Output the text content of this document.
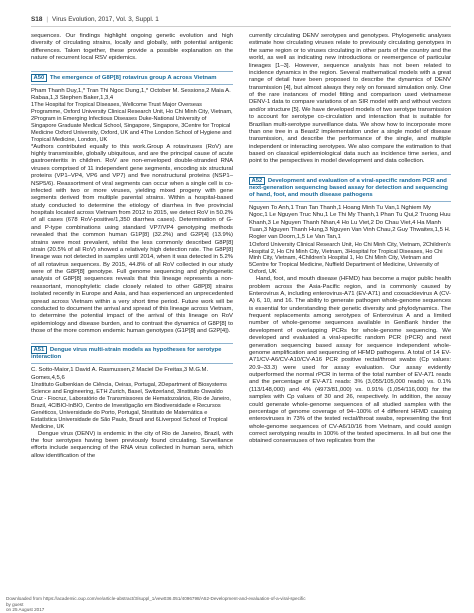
S18 | Virus Evolution, 2017, Vol. 3, Suppl. 1

sequences. Our findings highlight ongoing genetic evolution and high diversity of circulating strains, locally and globally, with potential antigenic differences. Taken together, these provide a possible explanation on the nature of recurrent local RSV epidemics.

A50 The emergence of G8P[8] rotavirus group A across Vietnam

Pham Thanh Duy,1,* Tran Thi Ngoc Dung,1,* October M. Sessions,2 Maia A. Rabaa,1,3 Stephen Baker,1,3,4

1The Hospital for Tropical Diseases, Wellcome Trust Major Overseas Programme, Oxford University Clinical Research Unit, Ho Chi Minh City, Vietnam, 2Program in Emerging Infectious Diseases Duke-National University of Singapore Graduate Medical School, Singapore, Singapore, 3Centre for Tropical Medicine Oxford University, Oxford, UK and 4The London School of Hygiene and Tropical Medicine, London, UK

*Authors contributed equally to this work.Group A rotaviruses (RoV) are highly transmissible, globally ubiquitous, and are the principal cause of acute gastroenteritis in children. RoV are non-enveloped double-stranded RNA viruses comprised of 11 independent gene segments, encoding six structural proteins (VP1–VP4, VP6 and VP7) and five nonstructural proteins (NSP1–NSP5/6). Reassortment of viral segments can occur when a single cell is co-infected with two or more viruses, yielding mixed progeny with gene segments derived from multiple parental strains. Within a hospital-based study conducted to determine the etiology of diarrhea in five provincial hospitals located across Vietnam from 2012 to 2015, we detect RoV in 50.2% of all cases (678 RoV-positive/1,350 diarrhea cases). Determination of G- and P-type combinations using standard VP7/VP4 genotyping methods revealed that the common human G1P[8] (32.2%) and G2P[4] (13.9%) strains were most prevalent, whilst the less commonly described G8P[8] strain (20.5% of all RoV) showed a relatively high detection rate. The G8P[8] lineage was not detected in samples until 2014, when it was detected in 5.2% of all rotavirus sequences. By 2015, 44.8% of all RoV collected in our study were of the G8P[8] genotype. Full genome sequencing and phylogenetic analysis of G8P[8] sequences reveals that this lineage represents a non-reassortant, monophyletic clade closely related to other G8P[8] strains isolated recently in Europe and Asia, and has experienced an unprecedented spread across Vietnam within a very short time period. Future work will be conducted to document the arrival and spread of this lineage across Vietnam, to determine the potential impact of the arrival of this lineage on RoV epidemiology and disease burden, and to contrast the dynamics of G8P[8] to those of the more common endemic human genotypes (G1P[8] and G2P[4]).

A51 Dengue virus multi-strain models as hypotheses for serotype interaction

C. Sotto-Maior,1 David A. Rasmussen,2 Maciel De Freitas,3 M.G.M. Gomes,4,5,6

1Instituto Gulbenkian de Ciência, Oeiras, Portugal, 2Department of Biosystems Science and Engineering, ETH Zurich, Basel, Switzerland, 3Instituto Oswaldo Cruz - Fiocruz, Laboratório de Transmissores de Hematozoários, Rio de Janeiro, Brazil, 4CIBIO-InBIO, Centro de Investigação em Biodiversidade e Recursos Genéticos, Universidade do Porto, Portugal, 5Instituto de Matemática e Estatística Universidade de São Paulo, Brazil and 6Liverpool School of Tropical Medicine, UK

Dengue virus (DENV) is endemic in the city of Rio de Janeiro, Brazil, with the four serotypes having been previously found circulating. Surveillance efforts include sequencing of the RNA virus collected in human sera, which allow identification of the

currently circulating DENV serotypes and genotypes. Phylogenetic analyses estimate how circulating viruses relate to previously circulating genotypes in the same region or to viruses circulating in other parts of the country and the world, as well as indicating new introductions or reemergence of particular lineages [1–3]. However, sequence analysis has not been related to incidence dynamics in the region. Several mathematical models with a great range of detail have been proposed to describe the dynamics of DENV transmission [4], but almost always they rely on forward simulation only. One of the rare instances of model fitting and comparison used vietnamese DENV-1 data to compare variations of an SIR model with and without vectors and/or structure [5]. We have developed models of two serotype transmission to account for serotype co-circulation and interaction that is suitable for Brazilian multi-serotype surveillance data. We show how to incorporate more than one tree in a Beast2 implementation under a single model of disease transmission, and describe the performance of the single, and multiple independent or interacting serotypes. We also compare the estimation to that based on classical epidemiological data such as incidence time series, and point to the perspectives in model development and data collection.

A52 Development and evaluation of a viral-specific random PCR and next-generation sequencing based assay for detection and sequencing of hand, foot, and mouth disease pathogens

Nguyen To Anh,1 Tran Tan Thanh,1 Hoang Minh Tu Van,1 Nghiem My Ngoc,1 Le Nguyen Truc Nhu,1 Le Thi My Thanh,1 Phan Tu Qui,2 Truong Huu Khanh,3 Le Nguyen Thanh Nhan,4 Ho Lu Viet,2 Do Chau Viet,4 Ha Manh Tuan,3 Nguyen Thanh Hung,3 Nguyen Van Vinh Chau,2 Guy Thwaites,1,5 H. Rogier van Doorn,1,5 Le Van Tan,1

1Oxford University Clinical Research Unit, Ho Chi Minh City, Vietnam, 2Children's Hospital 2, Ho Chi Minh City, Vietnam, 3Hospital for Tropical Diseases, Ho Chi Minh City, Vietnam, 4Children's Hospital 1, Ho Chi Minh City, Vietnam and 5Centre for Tropical Medicine, Nuffield Department of Medicine, University of Oxford, UK

Hand, foot, and mouth disease (HFMD) has become a major public health problem across the Asia-Pacific region, and is commonly caused by Enterovirus A, including enterovirus-A71 (EV-A71) and coxsackievirus A (CV-A) 6, 10, and 16. The ability to generate pathogen whole-genome sequences is essential for understanding their genetic diversity and phylodynamics. The frequent replacements among serotypes of Enterovirus A and a limited number of whole-genome sequences available in GenBank hinder the development of overlapping PCRs for whole-genome sequencing. We developed and evaluated a viral-specific random PCR (rPCR) and next generation sequencing based assay for sequence independent whole-genome amplification and sequencing of HFMD pathogens. A total of 14 EV-A71/CV-A6/CV-A10/CV-A16 PCR positive rectal/throat swabs (Cp values: 20.9–33.3) were used for assay evaluation. Our assay evidently outperformed the normal rPCR in terms of the total number of EV-A71 reads and the percentage of EV-A71 reads: 3% (3,055/105,000 reads) vs. 0.1% (113/148,000) and 4% (4973/81,000) vs. 0.91% (1,054/116,000) for the samples with Cp values of 30 and 26, respectively. In addition, the assay could generate whole-genome sequences of all studied samples with the percentage of genome coverage of 94–100% of 4 different HFMD causing enteroviruses in 73% of the tested rectal/throat swabs, representing the first whole-genome sequences of CV-A6/10/16 from Vietnam, and could assign correct serotyping results in 100% of the tested specimens. In all but one the obtained consensuses of two replicates from the

Downloaded from https://academic.oup.com/ve/article-abstract/3/suppl_1/vew036.051/4096798/A52-Development-and-evaluation-of-a-viral-specific
by guest
on 25 August 2017
